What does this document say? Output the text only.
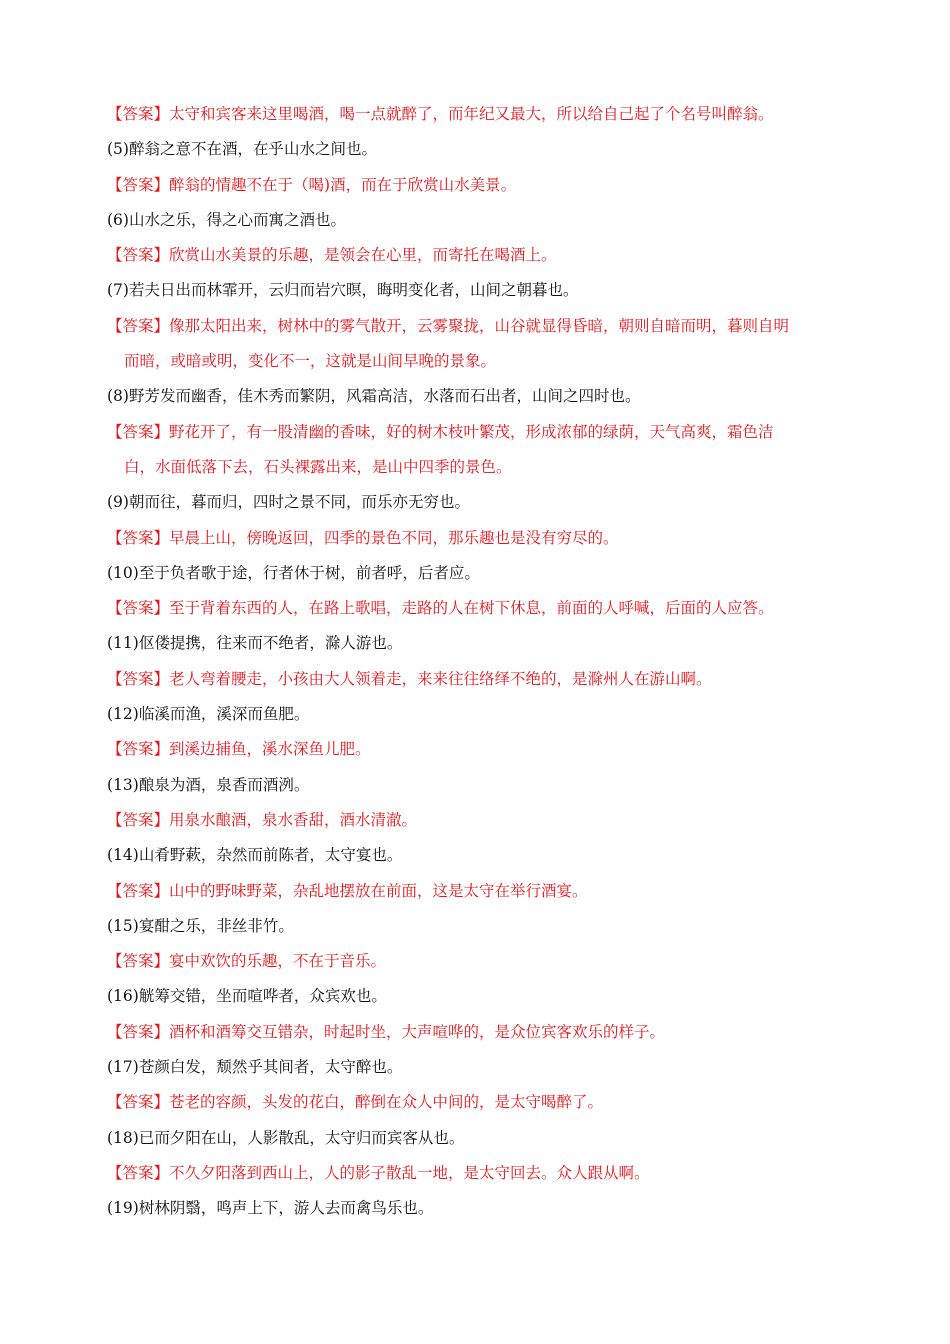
【答案】太守和宾客来这里喝酒，喝一点就醉了，而年纪又最大，所以给自己起了个名号叫醉翁。
(5)醉翁之意不在酒，在乎山水之间也。
【答案】醉翁的情趣不在于（喝)酒，而在于欣赏山水美景。
(6)山水之乐，得之心而寓之酒也。
【答案】欣赏山水美景的乐趣，是领会在心里，而寄托在喝酒上。
(7)若夫日出而林霏开，云归而岩穴暝，晦明变化者，山间之朝暮也。
【答案】像那太阳出来，树林中的雾气散开，云雾聚拢，山谷就显得昏暗，朝则自暗而明，暮则自明
而暗，或暗或明，变化不一，这就是山间早晚的景象。
(8)野芳发而幽香，佳木秀而繁阴，风霜高洁，水落而石出者，山间之四时也。
【答案】野花开了，有一股清幽的香味，好的树木枝叶繁茂，形成浓郁的绿荫，天气高爽，霜色洁
白，水面低落下去，石头裸露出来，是山中四季的景色。
(9)朝而往，暮而归，四时之景不同，而乐亦无穷也。
【答案】早晨上山，傍晚返回，四季的景色不同，那乐趣也是没有穷尽的。
(10)至于负者歌于途，行者休于树，前者呼，后者应。
【答案】至于背着东西的人，在路上歌唱，走路的人在树下休息，前面的人呼喊，后面的人应答。
(11)伛偻提携，往来而不绝者，滁人游也。
【答案】老人弯着腰走，小孩由大人领着走，来来往往络绎不绝的，是滁州人在游山啊。
(12)临溪而渔，溪深而鱼肥。
【答案】到溪边捕鱼，溪水深鱼儿肥。
(13)酿泉为酒，泉香而酒洌。
【答案】用泉水酿酒，泉水香甜，酒水清澈。
(14)山肴野蔌，杂然而前陈者，太守宴也。
【答案】山中的野味野菜，杂乱地摆放在前面，这是太守在举行酒宴。
(15)宴酣之乐，非丝非竹。
【答案】宴中欢饮的乐趣，不在于音乐。
(16)觥筹交错，坐而喧哗者，众宾欢也。
【答案】酒杯和酒筹交互错杂，时起时坐，大声喧哗的，是众位宾客欢乐的样子。
(17)苍颜白发，颓然乎其间者，太守醉也。
【答案】苍老的容颜，头发的花白，醉倒在众人中间的，是太守喝醉了。
(18)已而夕阳在山，人影散乱，太守归而宾客从也。
【答案】不久夕阳落到西山上，人的影子散乱一地，是太守回去。众人跟从啊。
(19)树林阴翳，鸣声上下，游人去而禽鸟乐也。
